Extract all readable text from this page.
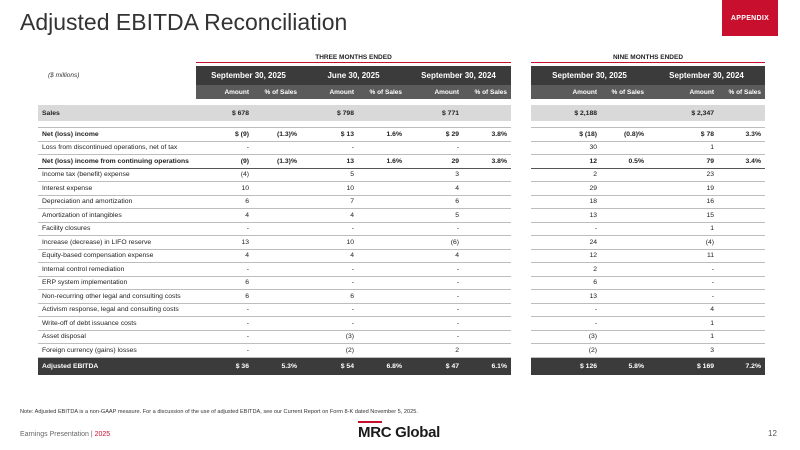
Adjusted EBITDA Reconciliation	APPENDIX
THREE MONTHS ENDED	NINE MONTHS ENDED
($ millions)	September 30, 2025		June 30, 2025		September 30, 2024			September 30, 2025		September 30, 2024	
	Amount	% of Sales	Amount	% of Sales	Amount	% of Sales		Amount	% of Sales	Amount	% of Sales

Sales	$ 678		$ 798		$ 771			$ 2,188		$ 2,347	

Net (loss) income	$ (9)	(1.3)%	$ 13	1.6%	$ 29	3.8%		$ (18)	(0.8)%	$ 78	3.3%
Loss from discontinued operations, net of tax	-		-		-			30		1	
Net (loss) income from continuing operations	(9)	(1.3)%	13	1.6%	29	3.8%		12	0.5%	79	3.4%
Income tax (benefit) expense	(4)		5		3			2		23	
Interest expense	10		10		4			29		19	
Depreciation and amortization	6		7		6			18		16	
Amortization of intangibles	4		4		5			13		15	
Facility closures	-		-		-			-		1	
Increase (decrease) in LIFO reserve	13		10		(6)			24		(4)	
Equity-based compensation expense	4		4		4			12		11	
Internal control remediation	-		-		-			2		-	
ERP system implementation	6		-		-			6		-	
Non-recurring other legal and consulting costs	6		6		-			13		-	
Activism response, legal and consulting costs	-		-		-			-		4	
Write-off of debt issuance costs	-		-		-			-		1	
Asset disposal	-		(3)		-			(3)		1	
Foreign currency (gains) losses	-		(2)		2			(2)		3	
Adjusted EBITDA	$ 36	5.3%	$ 54	6.8%	$ 47	6.1%		$ 126	5.8%	$ 169	7.2%
Note: Adjusted EBITDA is a non-GAAP measure. For a discussion of the use of adjusted EBITDA, see our Current Report on Form 8-K dated November 5, 2025.
Earnings Presentation | 2025	MRC Global	12
